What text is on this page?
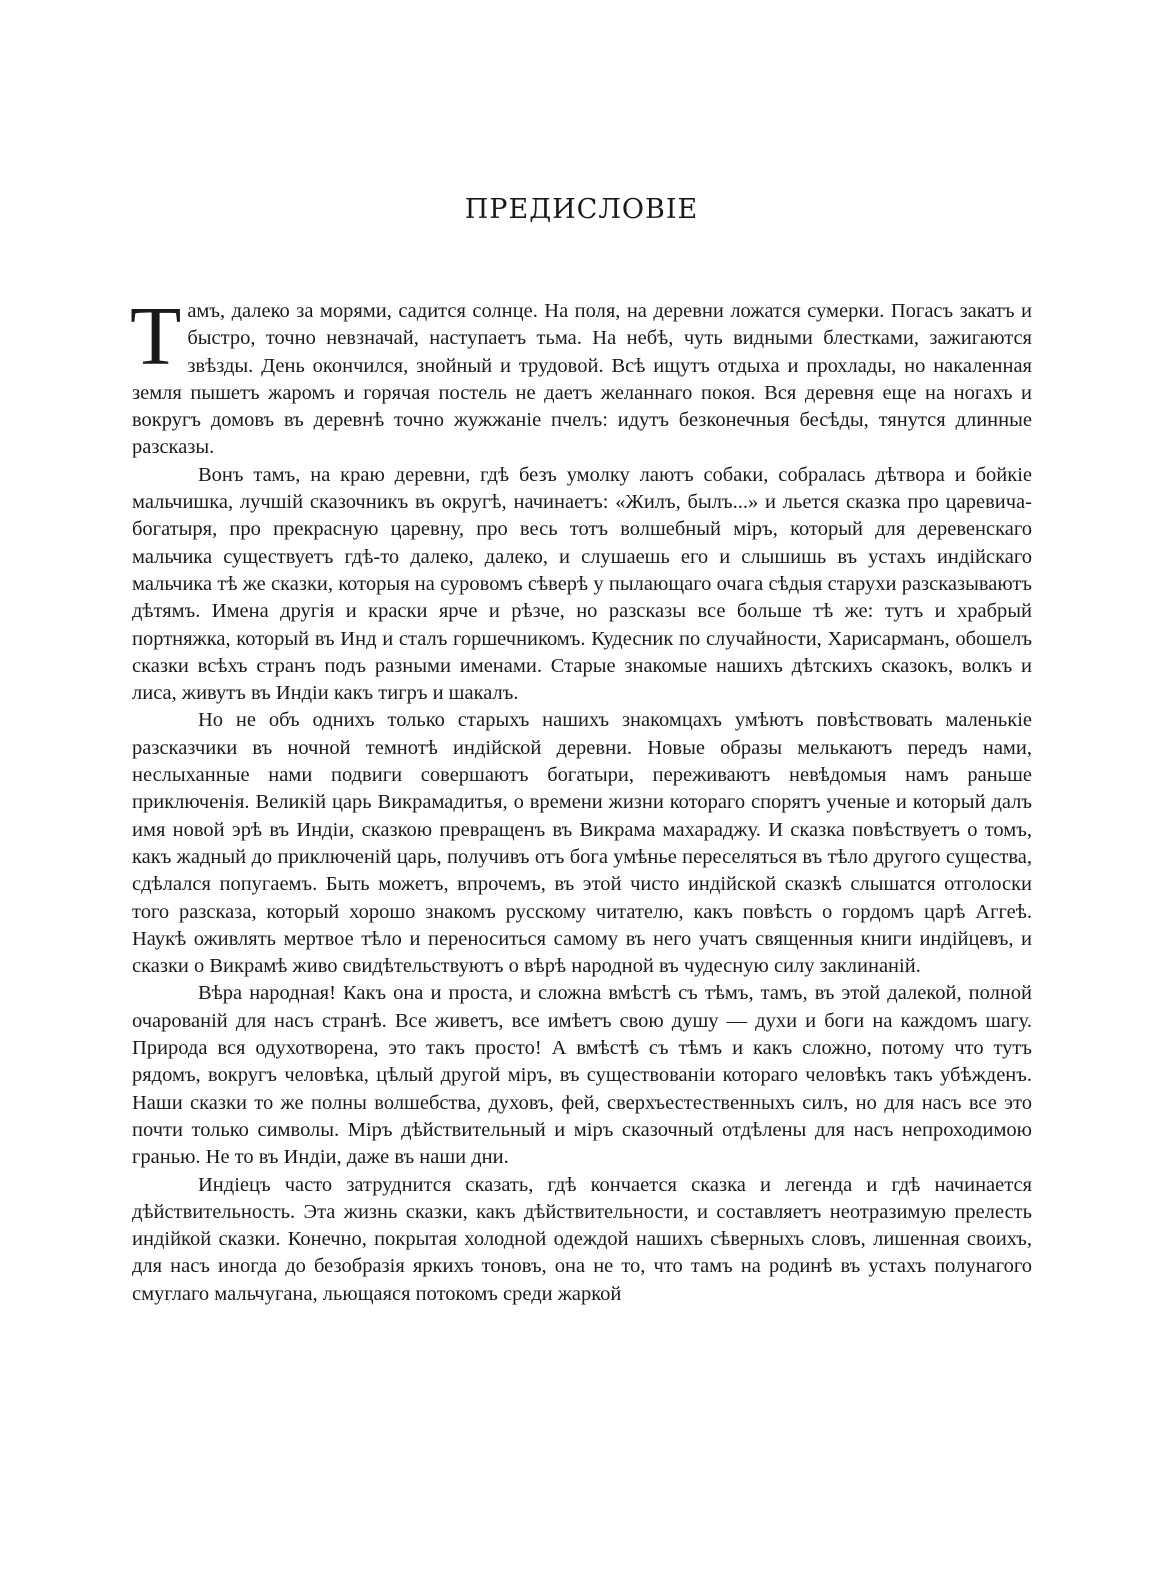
ПРЕДИСЛОВІЕ

Тамъ, далеко за морями, садится солнце. На поля, на деревни ложатся сумерки. Погасъ закатъ и быстро, точно невзначай, наступаетъ тьма. На небѣ, чуть видными блестками, зажигаются звѣзды. День окончился, знойный и трудовой. Всѣ ищутъ отдыха и прохлады, но накаленная земля пышетъ жаромъ и горячая постель не даетъ желаннаго покоя. Вся деревня еще на ногахъ и вокругъ домовъ въ деревнѣ точно жужжаніе пчелъ: идутъ безконечныя бесѣды, тянутся длинные разсказы.

Вонъ тамъ, на краю деревни, гдѣ безъ умолку лаютъ собаки, собралась дѣтвора и бойкіе мальчишка, лучшій сказочникъ въ округѣ, начинаетъ: «Жилъ, былъ...» и льется сказка про царевича-богатыря, про прекрасную царевну, про весь тотъ волшебный міръ, который для деревенскаго мальчика существуетъ гдѣ-то далеко, далеко, и слушаешь его и слышишь въ устахъ индійскаго мальчика тѣ же сказки, которыя на суровомъ сѣверѣ у пылающаго очага сѣдыя старухи разсказываютъ дѣтямъ. Имена другія и краски ярче и рѣзче, но разсказы все больше тѣ же: тутъ и храбрый портняжка, который въ Инд и сталъ горшечникомъ. Кудесник по случайности, Харисарманъ, обошелъ сказки всѣхъ странъ подъ разными именами. Старые знакомые нашихъ дѣтскихъ сказокъ, волкъ и лиса, живутъ въ Индіи какъ тигръ и шакалъ.

Но не объ однихъ только старыхъ нашихъ знакомцахъ умѣютъ повѣствовать маленькіе разсказчики въ ночной темнотѣ индійской деревни. Новые образы мелькаютъ передъ нами, неслыханные нами подвиги совершаютъ богатыри, переживаютъ невѣдомыя намъ раньше приключенія. Великій царь Викрамадитья, о времени жизни котораго спорятъ ученые и который далъ имя новой эрѣ въ Индіи, сказкою превращенъ въ Викрама махараджу. И сказка повѣствуетъ о томъ, какъ жадный до приключеній царь, получивъ отъ бога умѣнье переселяться въ тѣло другого существа, сдѣлался попугаемъ. Быть можетъ, впрочемъ, въ этой чисто индійской сказкѣ слышатся отголоски того разсказа, который хорошо знакомъ русскому читателю, какъ повѣсть о гордомъ царѣ Аггеѣ. Наукѣ оживлять мертвое тѣло и переноситься самому въ него учатъ священныя книги индійцевъ, и сказки о Викрамѣ живо свидѣтельствуютъ о вѣрѣ народной въ чудесную силу заклинаній.

Вѣра народная! Какъ она и проста, и сложна вмѣстѣ съ тѣмъ, тамъ, въ этой далекой, полной очарованій для насъ странѣ. Все живетъ, все имѣетъ свою душу — духи и боги на каждомъ шагу. Природа вся одухотворена, это такъ просто! А вмѣстѣ съ тѣмъ и какъ сложно, потому что тутъ рядомъ, вокругъ человѣка, цѣлый другой міръ, въ существованіи котораго человѣкъ такъ убѣжденъ. Наши сказки то же полны волшебства, духовъ, фей, сверхъестественныхъ силъ, но для насъ все это почти только символы. Міръ дѣйствительный и міръ сказочный отдѣлены для насъ непроходимою гранью. Не то въ Индіи, даже въ наши дни.

Индіецъ часто затруднится сказать, гдѣ кончается сказка и легенда и гдѣ начинается дѣйствительность. Эта жизнь сказки, какъ дѣйствительности, и составляетъ неотразимую прелесть индійкой сказки. Конечно, покрытая холодной одеждой нашихъ сѣверныхъ словъ, лишенная своихъ, для насъ иногда до безобразія яркихъ тоновъ, она не то, что тамъ на родинѣ въ устахъ полунагого смуглаго мальчугана, льющаяся потокомъ среди жаркой
